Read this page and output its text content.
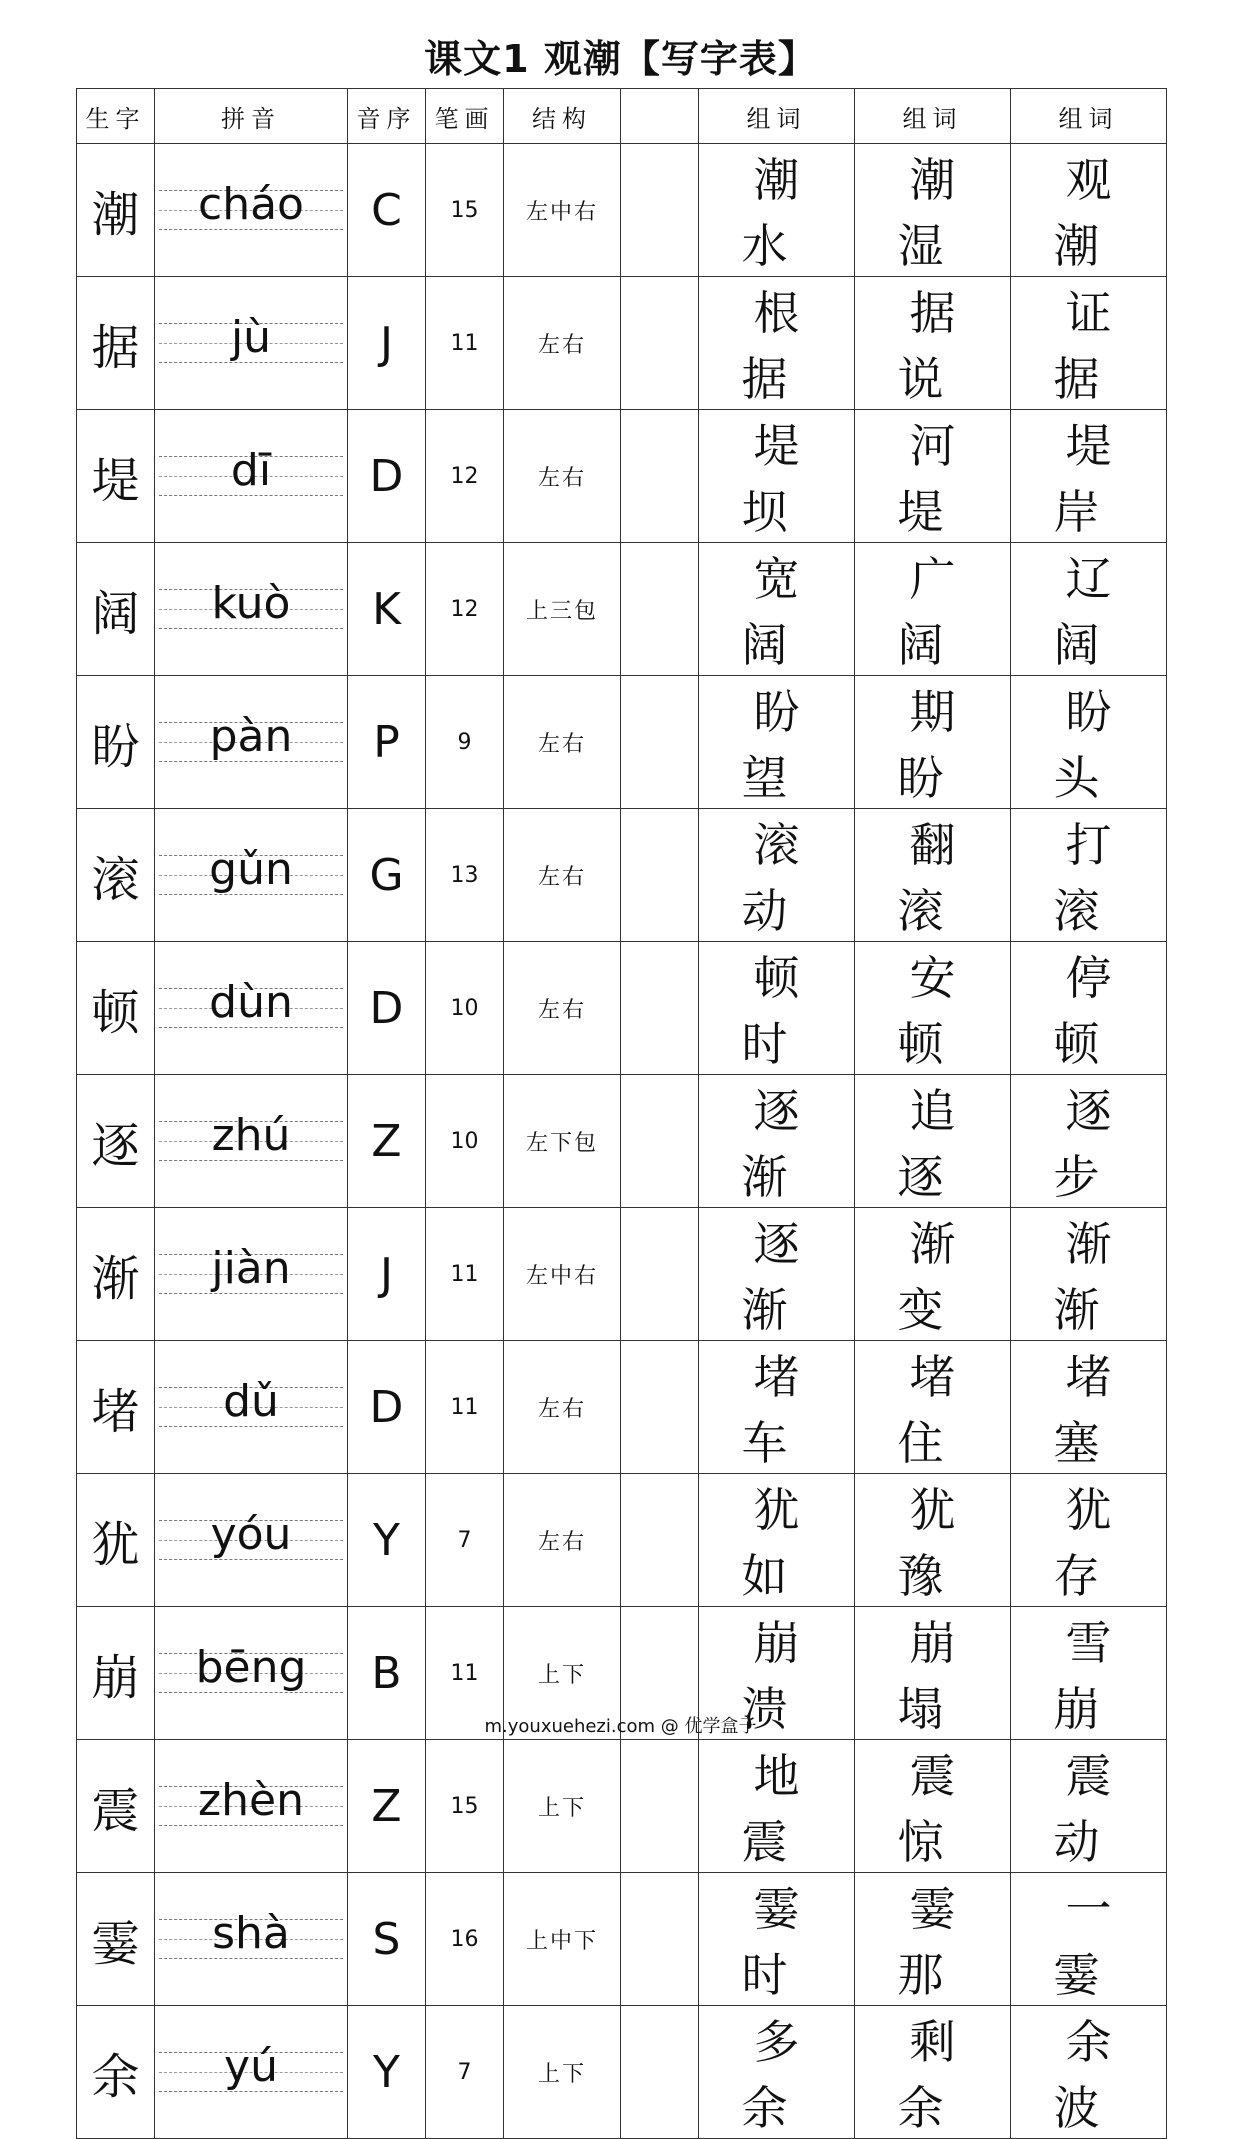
课文1 观潮【写字表】
生字	拼音	音序	笔画	结构		组词	组词	组词
潮	cháo	C	15	左中右		潮水	潮湿	观潮
据	jù	J	11	左右		根据	据说	证据
堤	dī	D	12	左右		堤坝	河堤	堤岸
阔	kuò	K	12	上三包		宽阔	广阔	辽阔
盼	pàn	P	9	左右		盼望	期盼	盼头
滚	gǔn	G	13	左右		滚动	翻滚	打滚
顿	dùn	D	10	左右		顿时	安顿	停顿
逐	zhú	Z	10	左下包		逐渐	追逐	逐步
渐	jiàn	J	11	左中右		逐渐	渐变	渐渐
堵	dǔ	D	11	左右		堵车	堵住	堵塞
犹	yóu	Y	7	左右		犹如	犹豫	犹存
崩	bēng	B	11	上下		崩溃	崩塌	雪崩
震	zhèn	Z	15	上下		地震	震惊	震动
霎	shà	S	16	上中下		霎时	霎那	一霎
余	yú	Y	7	上下		多余	剩余	余波
m.youxuehezi.com @ 优学盒子
